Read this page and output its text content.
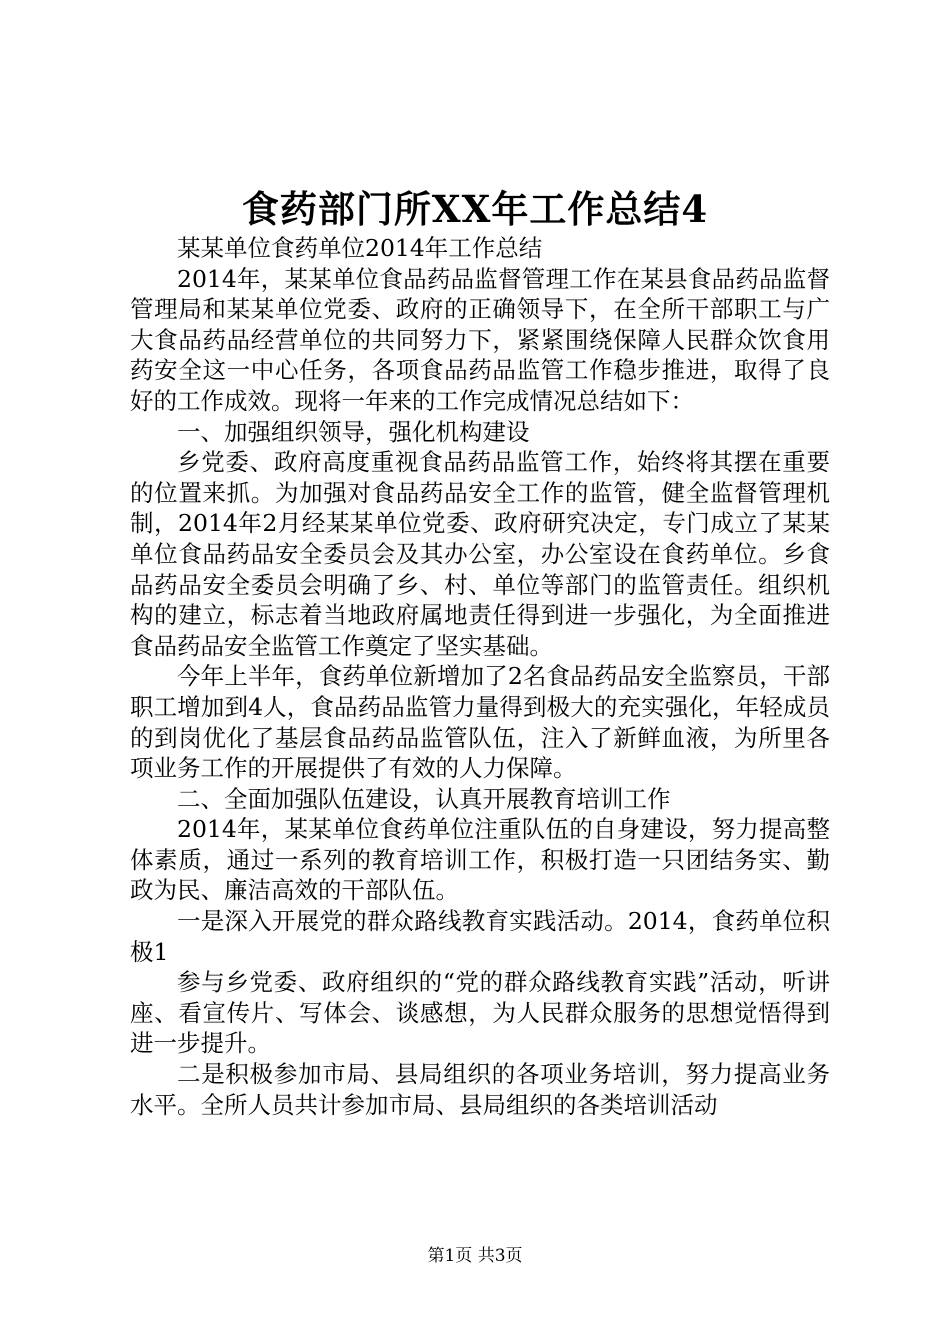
食药部门所XX年工作总结4

某某单位食药单位2014年工作总结

2014年，某某单位食品药品监督管理工作在某县食品药品监督管理局和某某单位党委、政府的正确领导下，在全所干部职工与广大食品药品经营单位的共同努力下，紧紧围绕保障人民群众饮食用药安全这一中心任务，各项食品药品监管工作稳步推进，取得了良好的工作成效。现将一年来的工作完成情况总结如下：

一、加强组织领导，强化机构建设

乡党委、政府高度重视食品药品监管工作，始终将其摆在重要的位置来抓。为加强对食品药品安全工作的监管，健全监督管理机制，2014年2月经某某单位党委、政府研究决定，专门成立了某某单位食品药品安全委员会及其办公室，办公室设在食药单位。乡食品药品安全委员会明确了乡、村、单位等部门的监管责任。组织机构的建立，标志着当地政府属地责任得到进一步强化，为全面推进食品药品安全监管工作奠定了坚实基础。

今年上半年，食药单位新增加了2名食品药品安全监察员，干部职工增加到4人，食品药品监管力量得到极大的充实强化，年轻成员的到岗优化了基层食品药品监管队伍，注入了新鲜血液，为所里各项业务工作的开展提供了有效的人力保障。

二、全面加强队伍建设，认真开展教育培训工作

2014年，某某单位食药单位注重队伍的自身建设，努力提高整体素质，通过一系列的教育培训工作，积极打造一只团结务实、勤政为民、廉洁高效的干部队伍。

一是深入开展党的群众路线教育实践活动。2014，食药单位积极1

参与乡党委、政府组织的“党的群众路线教育实践”活动，听讲座、看宣传片、写体会、谈感想，为人民群众服务的思想觉悟得到进一步提升。

二是积极参加市局、县局组织的各项业务培训，努力提高业务水平。全所人员共计参加市局、县局组织的各类培训活动

第1页 共3页
